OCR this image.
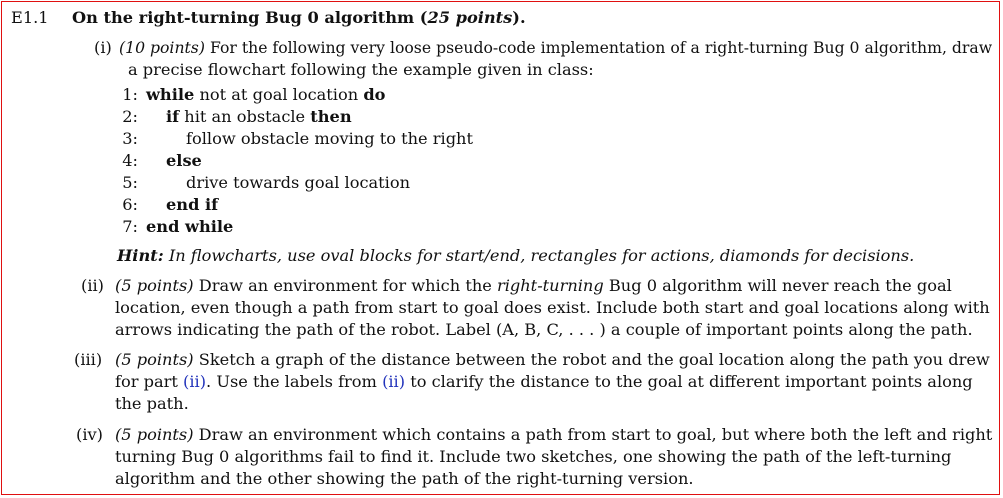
E1.1 On the right-turning Bug 0 algorithm (25 points).
(i) (10 points) For the following very loose pseudo-code implementation of a right-turning Bug 0 algorithm, draw
a precise flowchart following the example given in class:
1: while not at goal location do
2: if hit an obstacle then
3:	follow obstacle moving to the right
4: else
5:	drive towards goal location
6: end if
7: end while
Hint: In flowcharts, use oval blocks for start/end, rectangles for actions, diamonds for decisions.
(ii) (5 points) Draw an environment for which the right-turning Bug 0 algorithm will never reach the goal
location, even though a path from start to goal does exist. Include both start and goal locations along with
arrows indicating the path of the robot. Label (A, B, C, . . . ) a couple of important points along the path.
(iii) (5 points) Sketch a graph of the distance between the robot and the goal location along the path you drew
for part (ii). Use the labels from (ii) to clarify the distance to the goal at different important points along
the path.
(iv) (5 points) Draw an environment which contains a path from start to goal, but where both the left and right
turning Bug 0 algorithms fail to find it. Include two sketches, one showing the path of the left-turning
algorithm and the other showing the path of the right-turning version.
